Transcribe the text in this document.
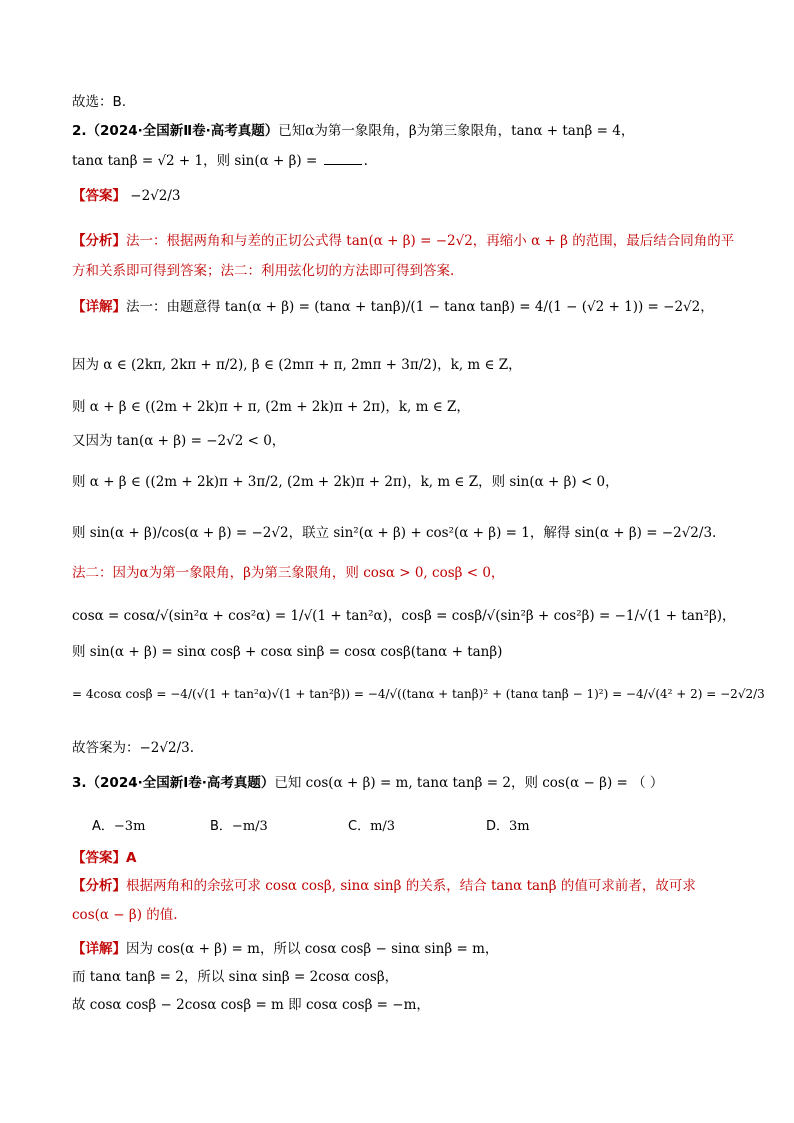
故选：B.
2.（2024·全国新Ⅱ卷·高考真题）已知α为第一象限角，β为第三象限角，tanα + tanβ = 4，
tanα tanβ = √2 + 1，则 sin(α + β) =	.
【答案】 −2√2/3
【分析】法一：根据两角和与差的正切公式得 tan(α + β) = −2√2，再缩小 α + β 的范围，最后结合同角的平
方和关系即可得到答案；法二：利用弦化切的方法即可得到答案.
【详解】法一：由题意得 tan(α + β) = (tanα + tanβ)/(1 − tanα tanβ) = 4/(1 − (√2 + 1)) = −2√2，
因为 α ∈ (2kπ, 2kπ + π/2), β ∈ (2mπ + π, 2mπ + 3π/2)，k, m ∈ Z，
则 α + β ∈ ((2m + 2k)π + π, (2m + 2k)π + 2π)，k, m ∈ Z，
又因为 tan(α + β) = −2√2 < 0，
则 α + β ∈ ((2m + 2k)π + 3π/2, (2m + 2k)π + 2π)，k, m ∈ Z，则 sin(α + β) < 0，
则 sin(α + β)/cos(α + β) = −2√2，联立 sin²(α + β) + cos²(α + β) = 1，解得 sin(α + β) = −2√2/3.
法二：因为α为第一象限角，β为第三象限角，则 cosα > 0, cosβ < 0，
cosα = cosα/√(sin²α + cos²α) = 1/√(1 + tan²α)，cosβ = cosβ/√(sin²β + cos²β) = −1/√(1 + tan²β)，
则 sin(α + β) = sinα cosβ + cosα sinβ = cosα cosβ(tanα + tanβ)
= 4cosα cosβ = −4/(√(1 + tan²α)√(1 + tan²β)) = −4/√((tanα + tanβ)² + (tanα tanβ − 1)²) = −4/√(4² + 2) = −2√2/3
故答案为：−2√2/3.
3.（2024·全国新Ⅰ卷·高考真题）已知 cos(α + β) = m, tanα tanβ = 2，则 cos(α − β) = （ ）
A．−3m	B．−m/3	C．m/3	D．3m
【答案】A
【分析】根据两角和的余弦可求 cosα cosβ, sinα sinβ 的关系，结合 tanα tanβ 的值可求前者，故可求
cos(α − β) 的值.
【详解】因为 cos(α + β) = m，所以 cosα cosβ − sinα sinβ = m，
而 tanα tanβ = 2，所以 sinα sinβ = 2cosα cosβ，
故 cosα cosβ − 2cosα cosβ = m 即 cosα cosβ = −m，
